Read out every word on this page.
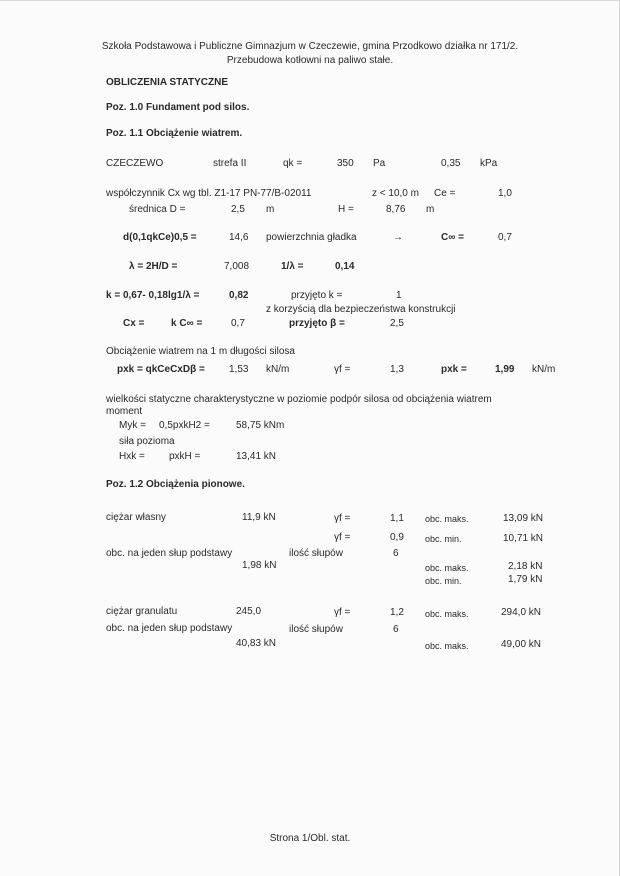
Szkoła Podstawowa i Publiczne Gimnazjum w Czeczewie, gmina Przodkowo działka nr 171/2.
Przebudowa kotłowni na paliwo stałe.
OBLICZENIA STATYCZNE
Poz. 1.0 Fundament pod silos.
Poz. 1.1 Obciążenie wiatrem.
CZECZEWO	strefa II	qk =	350 Pa	0,35 kPa
współczynnik Cx wg tbl. Z1-17 PN-77/B-02011	z < 10,0 m Ce =	1,0
średnica D =	2,5 m	H =	8,76 m
d(0,1qkCe)0,5 =	14,6 powierzchnia gładka	→	C∞ =	0,7
λ = 2H/D =	7,008	1/λ =	0,14
k = 0,67- 0,18lg1/λ =	0,82	przyjęto k =	1
z korzyścią dla bezpieczeństwa konstrukcji
Cx =	k C∞ =	0,7	przyjęto β =	2,5
Obciążenie wiatrem na 1 m długości silosa
pxk = qkCeCxDβ = 1,53 kN/m	γf =	1,3	pxk =	1,99 kN/m
wielkości statyczne charakterystyczne w poziomie podpór silosa od obciążenia wiatrem
moment
Myk = 0,5pxkH2 =	58,75 kNm
siła pozioma
Hxk = pxkH =	13,41 kN
Poz. 1.2 Obciążenia pionowe.
ciężar własny	11,9 kN	γf =	1,1 obc. maks.	13,09 kN
γf =	0,9 obc. min.	10,71 kN
obc. na jeden słup podstawy	ilość słupów	6
1,98 kN	obc. maks.	2,18 kN
obc. min.	1,79 kN
ciężar granulatu	245,0	γf =	1,2 obc. maks.	294,0 kN
obc. na jeden słup podstawy	ilość słupów	6
40,83 kN	obc. maks.	49,00 kN
Strona 1/Obl. stat.
